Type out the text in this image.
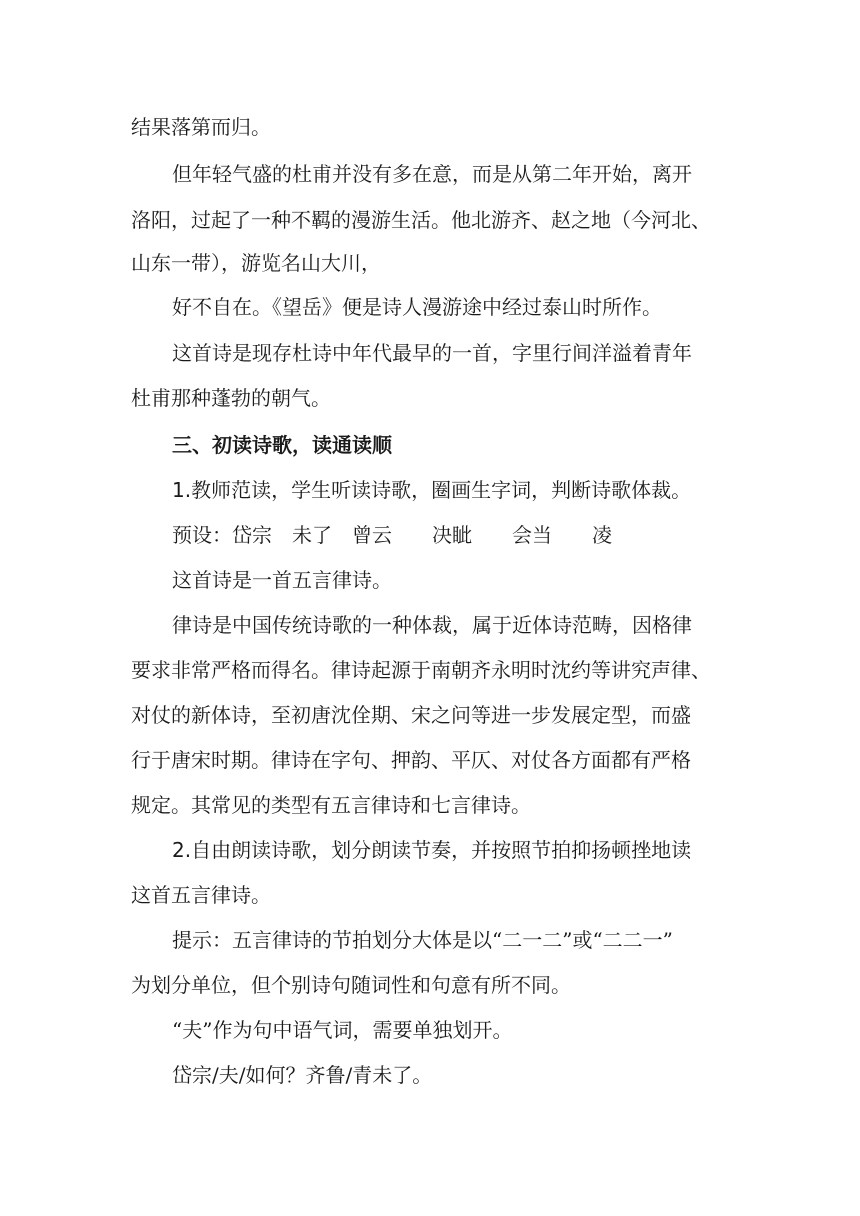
结果落第而归。
但年轻气盛的杜甫并没有多在意，而是从第二年开始，离开
洛阳，过起了一种不羁的漫游生活。他北游齐、赵之地（今河北、
山东一带），游览名山大川，
好不自在。《望岳》便是诗人漫游途中经过泰山时所作。
这首诗是现存杜诗中年代最早的一首，字里行间洋溢着青年
杜甫那种蓬勃的朝气。
三、初读诗歌，读通读顺
1.教师范读，学生听读诗歌，圈画生字词，判断诗歌体裁。
预设：岱宗　未了　曾云　　决眦　　会当　　凌
这首诗是一首五言律诗。
律诗是中国传统诗歌的一种体裁，属于近体诗范畴，因格律
要求非常严格而得名。律诗起源于南朝齐永明时沈约等讲究声律、
对仗的新体诗，至初唐沈佺期、宋之问等进一步发展定型，而盛
行于唐宋时期。律诗在字句、押韵、平仄、对仗各方面都有严格
规定。其常见的类型有五言律诗和七言律诗。
2.自由朗读诗歌，划分朗读节奏，并按照节拍抑扬顿挫地读
这首五言律诗。
提示：五言律诗的节拍划分大体是以“二一二”或“二二一”
为划分单位，但个别诗句随词性和句意有所不同。
“夫”作为句中语气词，需要单独划开。
岱宗/夫/如何？齐鲁/青未了。
